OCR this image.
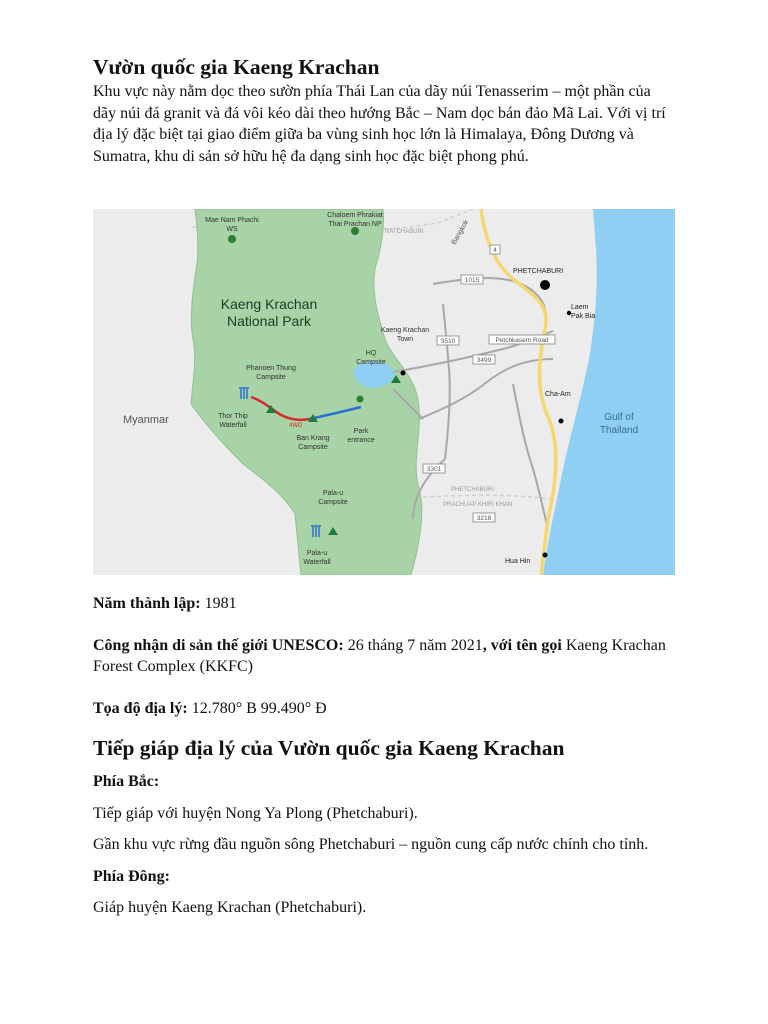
Vườn quốc gia Kaeng Krachan

Khu vực này nằm dọc theo sườn phía Thái Lan của dãy núi Tenasserim – một phần của dãy núi đá granit và đá vôi kéo dài theo hướng Bắc – Nam dọc bán đảo Mã Lai. Với vị trí địa lý đặc biệt tại giao điểm giữa ba vùng sinh học lớn là Himalaya, Đông Dương và Sumatra, khu di sản sở hữu hệ đa dạng sinh học đặc biệt phong phú.

Kaeng Krachan
National Park
Myanmar	Gulf of
Thailand
PHETCHABURI
Laem
Pak Bia
Cha-Am
Hua Hin
Kaeng Krachan
Town
HQ
Campsite
Phanoen Thung
Campsite
Thor Thip
Waterfall
Ban Krang
Campsite
Park
entrance
Pala-u
Campsite
Pala-u
Waterfall
Mae Nam Phachi
WS
Chaloem Phrakiat
Thai Prachan NP
Petchkasem Road
1015
3510
3499
3301
3218
4
Bangkok
RATCHABURI
PHETCHABURI
PRACHUAP KHIRI KHAN
4WD

Năm thành lập: 1981

Công nhận di sản thế giới UNESCO: 26 tháng 7 năm 2021, với tên gọi Kaeng Krachan Forest Complex (KKFC)

Tọa độ địa lý: 12.780° B 99.490° Đ

Tiếp giáp địa lý của Vườn quốc gia Kaeng Krachan

Phía Bắc:

Tiếp giáp với huyện Nong Ya Plong (Phetchaburi).

Gần khu vực rừng đầu nguồn sông Phetchaburi – nguồn cung cấp nước chính cho tỉnh.

Phía Đông:

Giáp huyện Kaeng Krachan (Phetchaburi).
